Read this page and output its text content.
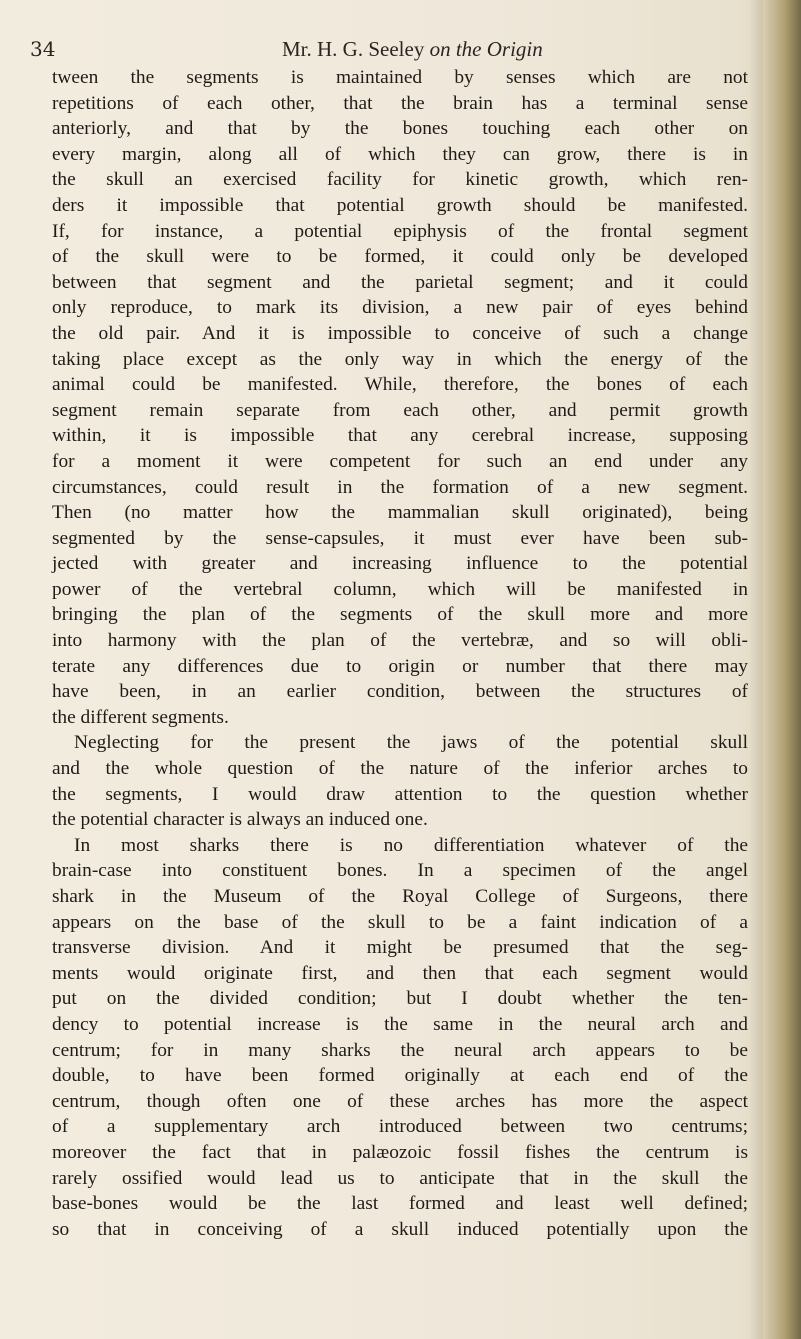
34	Mr. H. G. Seeley on the Origin
tween the segments is maintained by senses which are not
repetitions of each other, that the brain has a terminal sense
anteriorly, and that by the bones touching each other on
every margin, along all of which they can grow, there is in
the skull an exercised facility for kinetic growth, which ren-
ders it impossible that potential growth should be manifested.
If, for instance, a potential epiphysis of the frontal segment
of the skull were to be formed, it could only be developed
between that segment and the parietal segment; and it could
only reproduce, to mark its division, a new pair of eyes behind
the old pair. And it is impossible to conceive of such a change
taking place except as the only way in which the energy of the
animal could be manifested. While, therefore, the bones of each
segment remain separate from each other, and permit growth
within, it is impossible that any cerebral increase, supposing
for a moment it were competent for such an end under any
circumstances, could result in the formation of a new segment.
Then (no matter how the mammalian skull originated), being
segmented by the sense-capsules, it must ever have been sub-
jected with greater and increasing influence to the potential
power of the vertebral column, which will be manifested in
bringing the plan of the segments of the skull more and more
into harmony with the plan of the vertebræ, and so will obli-
terate any differences due to origin or number that there may
have been, in an earlier condition, between the structures of
the different segments.
Neglecting for the present the jaws of the potential skull
and the whole question of the nature of the inferior arches to
the segments, I would draw attention to the question whether
the potential character is always an induced one.
In most sharks there is no differentiation whatever of the
brain-case into constituent bones. In a specimen of the angel
shark in the Museum of the Royal College of Surgeons, there
appears on the base of the skull to be a faint indication of a
transverse division. And it might be presumed that the seg-
ments would originate first, and then that each segment would
put on the divided condition; but I doubt whether the ten-
dency to potential increase is the same in the neural arch and
centrum; for in many sharks the neural arch appears to be
double, to have been formed originally at each end of the
centrum, though often one of these arches has more the aspect
of a supplementary arch introduced between two centrums;
moreover the fact that in palæozoic fossil fishes the centrum is
rarely ossified would lead us to anticipate that in the skull the
base-bones would be the last formed and least well defined;
so that in conceiving of a skull induced potentially upon the
